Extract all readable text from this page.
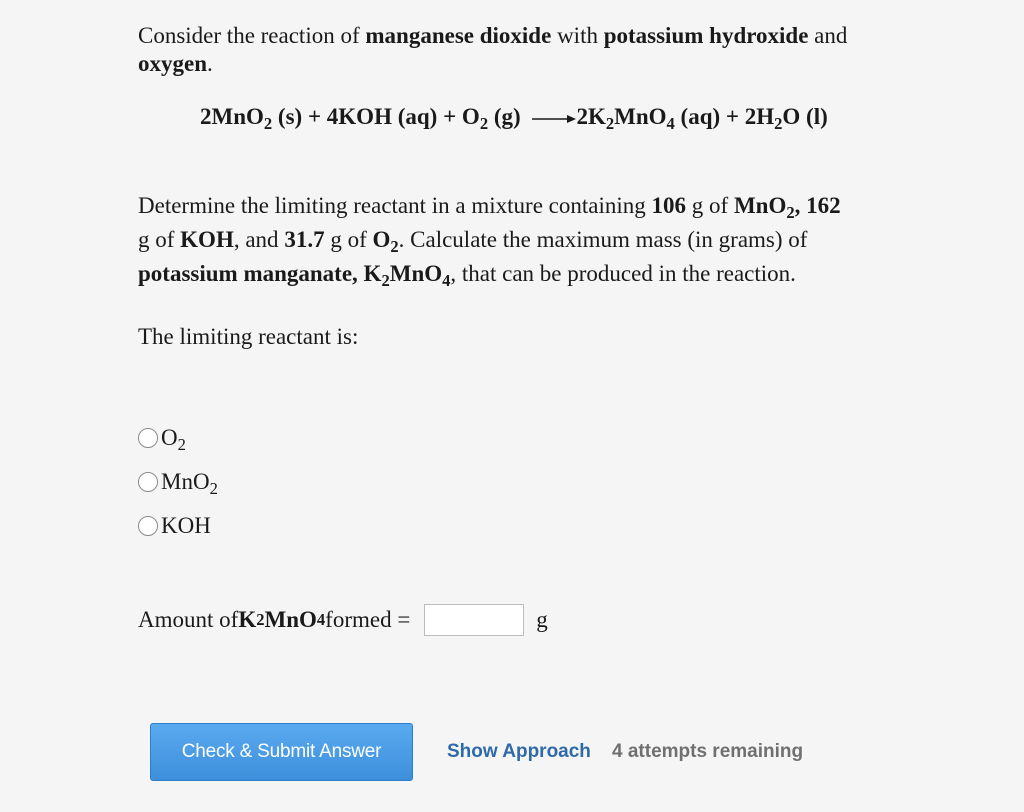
Consider the reaction of manganese dioxide with potassium hydroxide and
oxygen.
2MnO$_2$ (s) + 4KOH $(aq) + O_2$ $(g) \to 2K_2MnO_4$ $(aq) + 2H_2O$ (l)
Determine the limiting reactant in a mixture containing 106 g of MnO$_2$, 162
g of KOH, and 31.7 g of $O_2$. Calculate the maximum mass (in grams) of
potassium manganate, $K_2MnO_4$, that can be produced in the reaction.
The limiting reactant is:
$O_2$
MnO$_2$
KOH
Amount of K 2 MnO 4 formed =	g
Check & Submit Answer	Show Approach 4 attempts remaining
